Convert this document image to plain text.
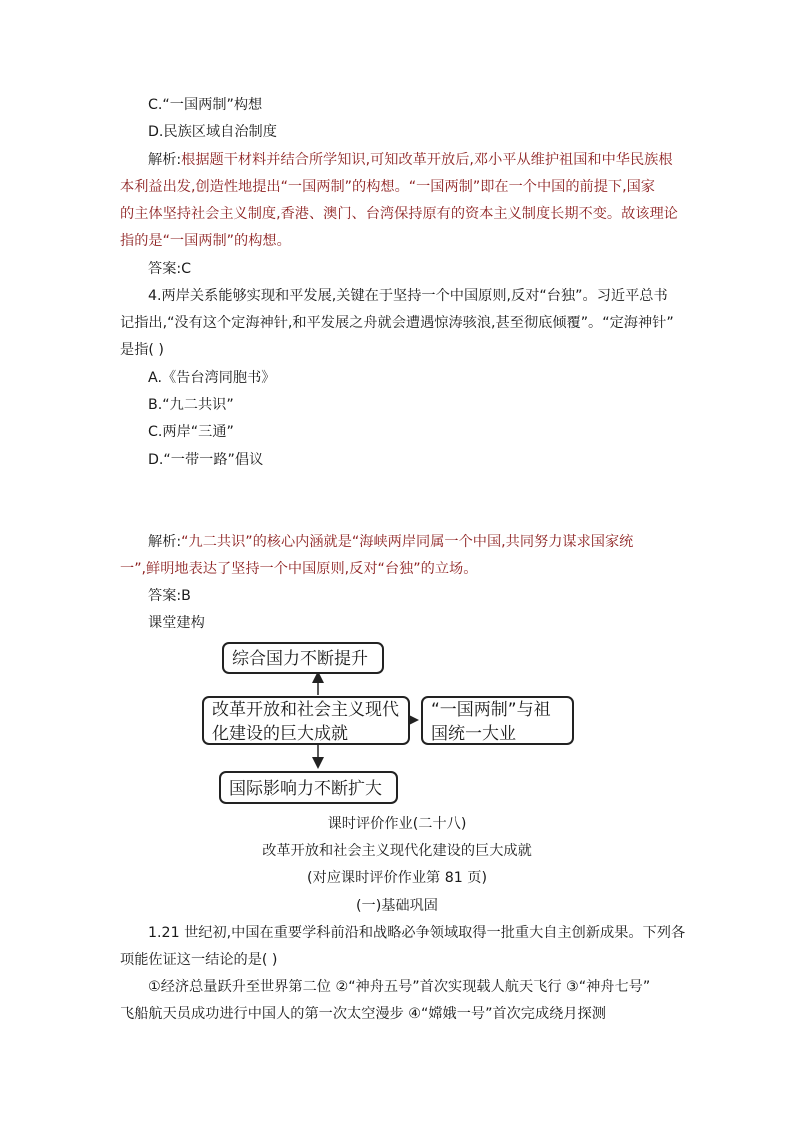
C.“一国两制”构想
D.民族区域自治制度
解析:根据题干材料并结合所学知识,可知改革开放后,邓小平从维护祖国和中华民族根
本利益出发,创造性地提出“一国两制”的构想。“一国两制”即在一个中国的前提下,国家
的主体坚持社会主义制度,香港、澳门、台湾保持原有的资本主义制度长期不变。故该理论
指的是“一国两制”的构想。
答案:C
4.两岸关系能够实现和平发展,关键在于坚持一个中国原则,反对“台独”。习近平总书
记指出,“没有这个定海神针,和平发展之舟就会遭遇惊涛骇浪,甚至彻底倾覆”。“定海神针”
是指( )
A.《告台湾同胞书》
B.“九二共识”
C.两岸“三通”
D.“一带一路”倡议
解析:“九二共识”的核心内涵就是“海峡两岸同属一个中国,共同努力谋求国家统
一”,鲜明地表达了坚持一个中国原则,反对“台独”的立场。
答案:B
课堂建构
综合国力不断提升
改革开放和社会主义现代
化建设的巨大成就
“一国两制”与祖
国统一大业
国际影响力不断扩大
课时评价作业(二十八)
改革开放和社会主义现代化建设的巨大成就
(对应课时评价作业第 81 页)
(一)基础巩固
1.21 世纪初,中国在重要学科前沿和战略必争领域取得一批重大自主创新成果。下列各
项能佐证这一结论的是( )
①经济总量跃升至世界第二位 ②“神舟五号”首次实现载人航天飞行 ③“神舟七号”
飞船航天员成功进行中国人的第一次太空漫步 ④“嫦娥一号”首次完成绕月探测
